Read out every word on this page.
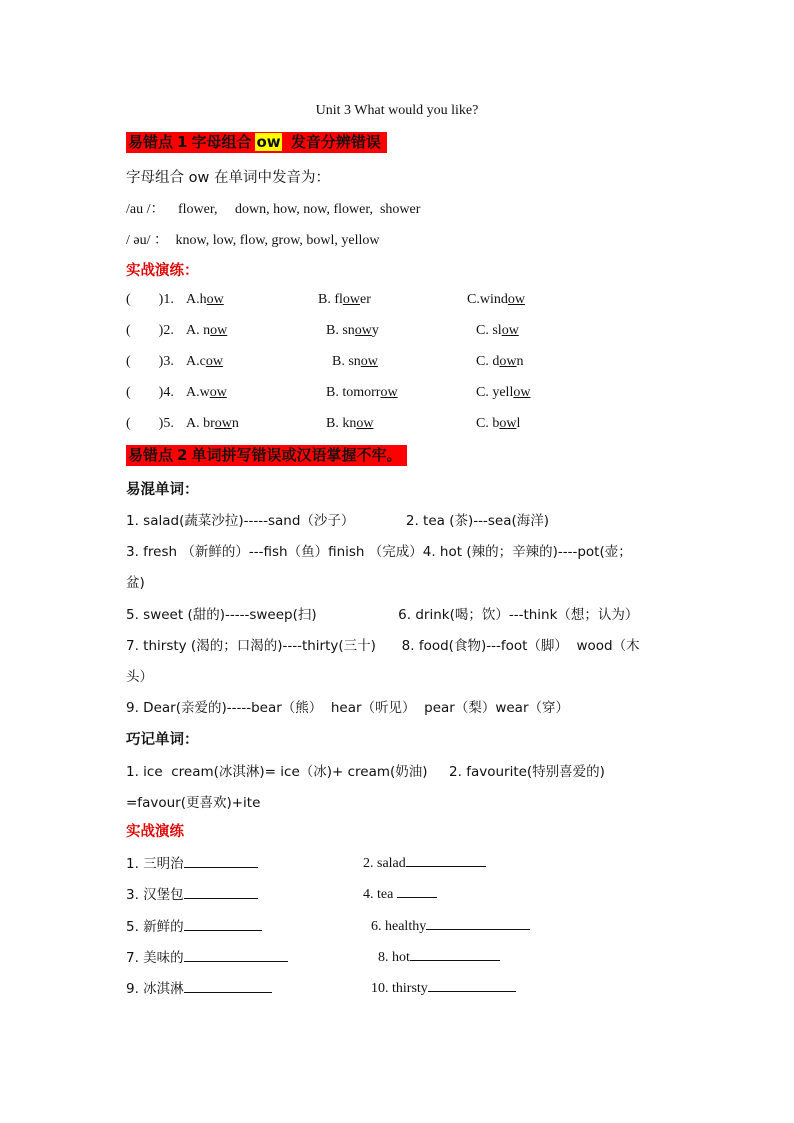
Unit 3 What would you like?
易错点 1 字母组合 ow 发音分辨错误
字母组合 ow 在单词中发音为：
/au /： flower,     down, how, now, flower,  shower
/ əu/ ： know, low, flow, grow, bowl, yellow
实战演练：
(        )1. A.how	B. flower	C.window
(        )2. A. now	B. snowy	C. slow
(        )3. A.cow	B. snow	C. down
(        )4. A.wow	B. tomorrow	C. yellow
(        )5. A. brown	B. know	C. bowl
易错点 2 单词拼写错误或汉语掌握不牢。
易混单词：
1. salad(蔬菜沙拉)-----sand（沙子）            2. tea (茶)---sea(海洋)
3. fresh （新鲜的）---fish（鱼）finish （完成）4. hot (辣的；辛辣的)----pot(壶；
盆)
5. sweet (甜的)-----sweep(扫)                   6. drink(喝；饮）---think（想；认为）
7. thirsty (渴的；口渴的)----thirty(三十)      8. food(食物)---foot（脚）  wood（木
头）
9. Dear(亲爱的)-----bear（熊）  hear（听见）  pear（梨）wear（穿）
巧记单词：
1. ice  cream(冰淇淋)= ice（冰)+ cream(奶油)     2. favourite(特别喜爱的)
=favour(更喜欢)+ite
实战演练
1. 三明治	2. salad
3. 汉堡包	4. tea
5. 新鲜的	6. healthy
7. 美味的	8. hot
9. 冰淇淋	10. thirsty
